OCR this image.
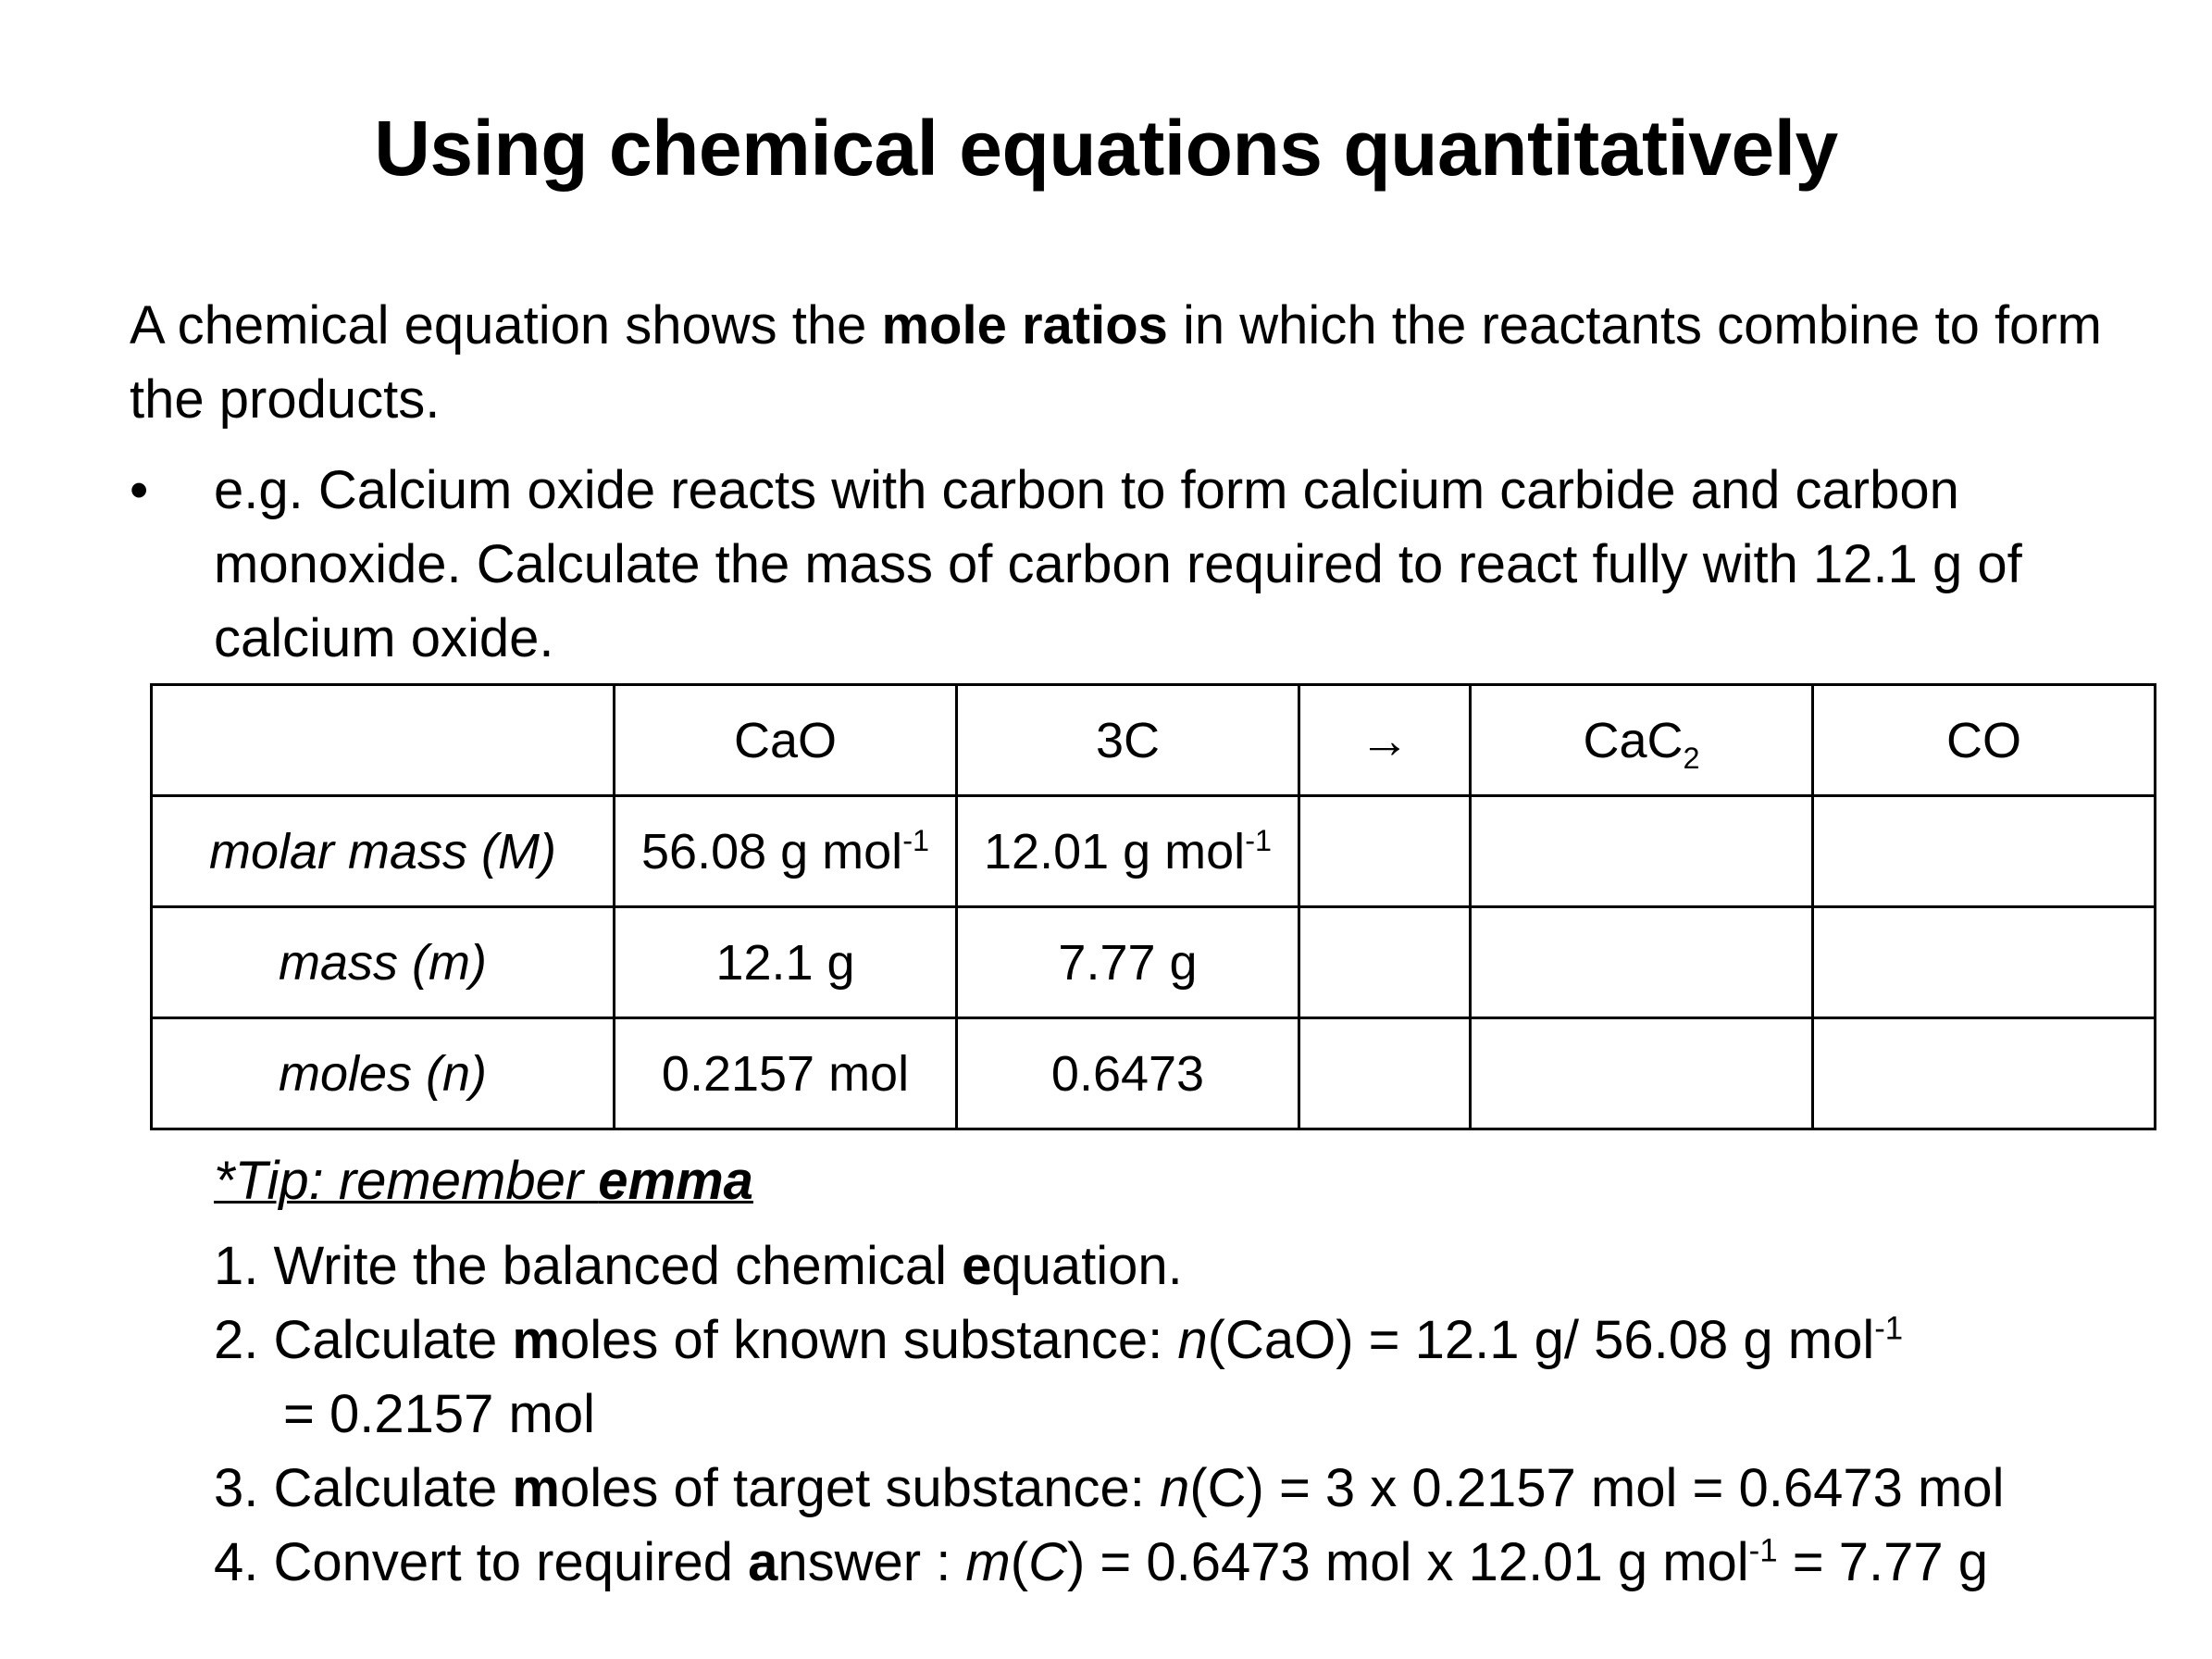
Using chemical equations quantitatively
A chemical equation shows the mole ratios in which the reactants combine to form the products.
•	e.g. Calcium oxide reacts with carbon to form calcium carbide and carbon monoxide. Calculate the mass of carbon required to react fully with 12.1 g of calcium oxide.
	CaO	3C	→	CaC$_2$	CO
molar mass (M)	56.08 g mol$^{-1}$	12.01 g mol$^{-1}$			
mass (m)	12.1 g	7.77 g			
moles (n)	0.2157 mol	0.6473			
*Tip: remember emma
1. Write the balanced chemical equation.
2. Calculate moles of known substance: n(CaO) = 12.1 g/ 56.08 g mol$^{-1}$
= 0.2157 mol
3. Calculate moles of target substance: n(C) = 3 x 0.2157 mol = 0.6473 mol
4. Convert to required answer : m(C) = 0.6473 mol x 12.01 g mol$^{-1}$ = 7.77 g
